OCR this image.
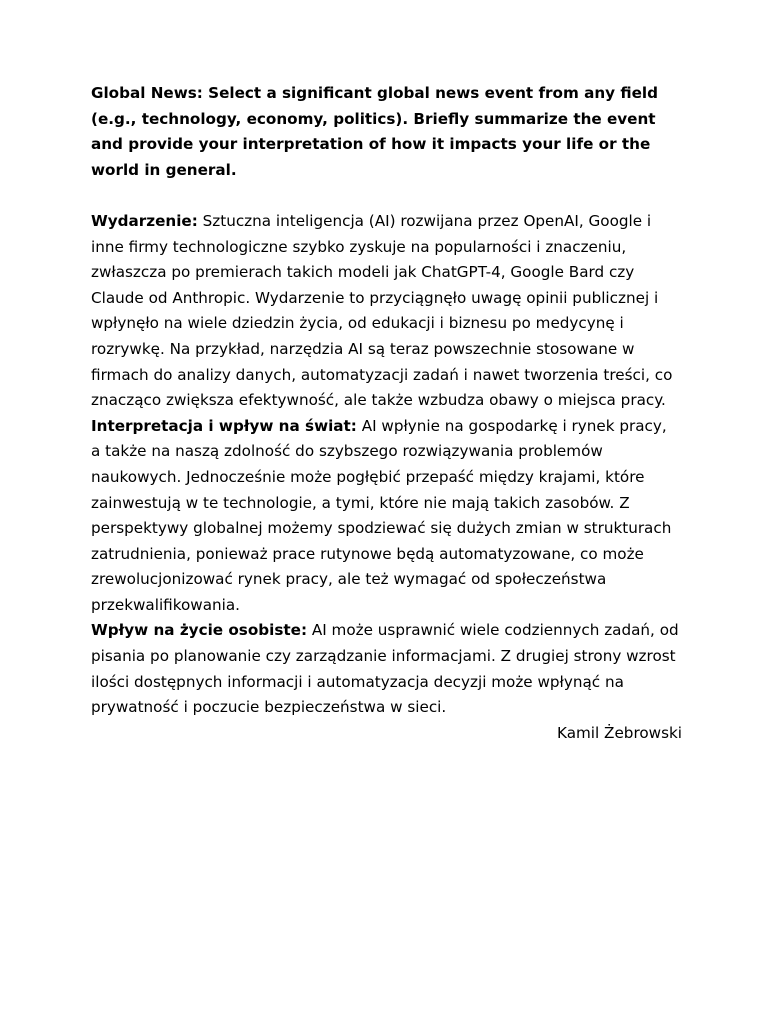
Global News: Select a significant global news event from any field (e.g., technology, economy, politics). Briefly summarize the event and provide your interpretation of how it impacts your life or the world in general.

Wydarzenie: Sztuczna inteligencja (AI) rozwijana przez OpenAI, Google i inne firmy technologiczne szybko zyskuje na popularności i znaczeniu, zwłaszcza po premierach takich modeli jak ChatGPT-4, Google Bard czy Claude od Anthropic. Wydarzenie to przyciągnęło uwagę opinii publicznej i wpłynęło na wiele dziedzin życia, od edukacji i biznesu po medycynę i rozrywkę. Na przykład, narzędzia AI są teraz powszechnie stosowane w firmach do analizy danych, automatyzacji zadań i nawet tworzenia treści, co znacząco zwiększa efektywność, ale także wzbudza obawy o miejsca pracy.

Interpretacja i wpływ na świat: AI wpłynie na gospodarkę i rynek pracy, a także na naszą zdolność do szybszego rozwiązywania problemów naukowych. Jednocześnie może pogłębić przepaść między krajami, które zainwestują w te technologie, a tymi, które nie mają takich zasobów. Z perspektywy globalnej możemy spodziewać się dużych zmian w strukturach zatrudnienia, ponieważ prace rutynowe będą automatyzowane, co może zrewolucjonizować rynek pracy, ale też wymagać od społeczeństwa przekwalifikowania.

Wpływ na życie osobiste: AI może usprawnić wiele codziennych zadań, od pisania po planowanie czy zarządzanie informacjami. Z drugiej strony wzrost ilości dostępnych informacji i automatyzacja decyzji może wpłynąć na prywatność i poczucie bezpieczeństwa w sieci.

Kamil Żebrowski
